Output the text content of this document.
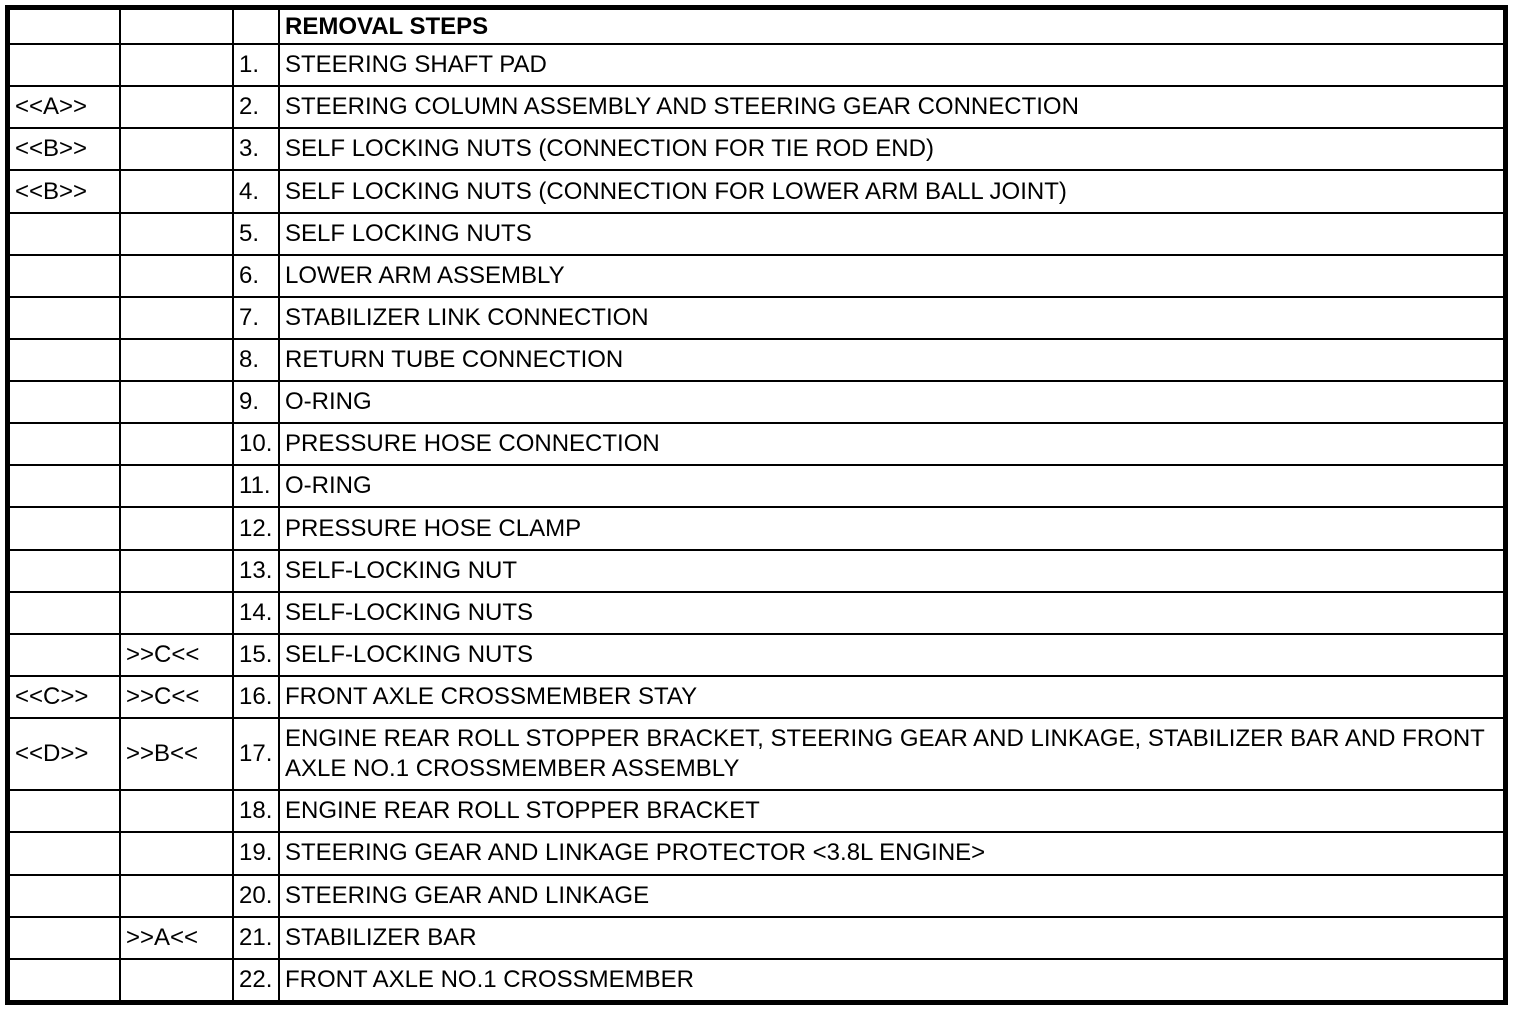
			REMOVAL STEPS
		1.	STEERING SHAFT PAD
<<A>>		2.	STEERING COLUMN ASSEMBLY AND STEERING GEAR CONNECTION
<<B>>		3.	SELF LOCKING NUTS (CONNECTION FOR TIE ROD END)
<<B>>		4.	SELF LOCKING NUTS (CONNECTION FOR LOWER ARM BALL JOINT)
		5.	SELF LOCKING NUTS
		6.	LOWER ARM ASSEMBLY
		7.	STABILIZER LINK CONNECTION
		8.	RETURN TUBE CONNECTION
		9.	O-RING
		10.	PRESSURE HOSE CONNECTION
		11.	O-RING
		12.	PRESSURE HOSE CLAMP
		13.	SELF-LOCKING NUT
		14.	SELF-LOCKING NUTS
	>>C<<	15.	SELF-LOCKING NUTS
<<C>>	>>C<<	16.	FRONT AXLE CROSSMEMBER STAY
<<D>>	>>B<<	17.	ENGINE REAR ROLL STOPPER BRACKET, STEERING GEAR AND LINKAGE, STABILIZER BAR AND FRONT AXLE NO.1 CROSSMEMBER ASSEMBLY
		18.	ENGINE REAR ROLL STOPPER BRACKET
		19.	STEERING GEAR AND LINKAGE PROTECTOR <3.8L ENGINE>
		20.	STEERING GEAR AND LINKAGE
	>>A<<	21.	STABILIZER BAR
		22.	FRONT AXLE NO.1 CROSSMEMBER
